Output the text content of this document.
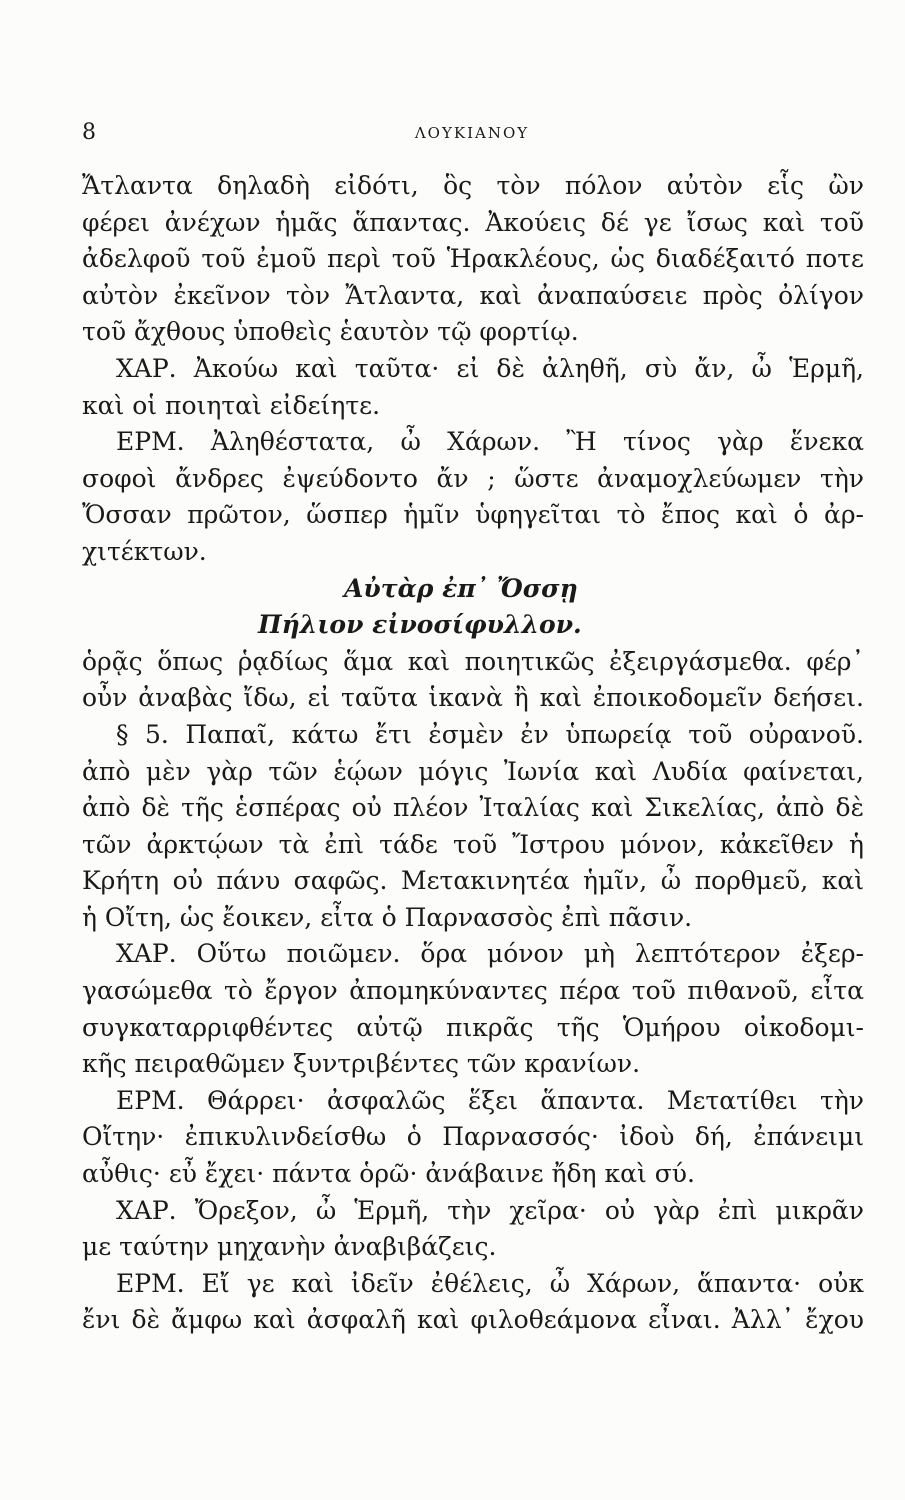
8	ΛΟΥΚΙΑΝΟΥ
Ἄτλαντα δηλαδὴ εἰδότι, ὃς τὸν πόλον αὐτὸν εἷς ὢν
φέρει ἀνέχων ἡμᾶς ἅπαντας. Ἀκούεις δέ γε ἴσως καὶ τοῦ
ἀδελφοῦ τοῦ ἐμοῦ περὶ τοῦ Ἡρακλέους, ὡς διαδέξαιτό ποτε
αὐτὸν ἐκεῖνον τὸν Ἄτλαντα, καὶ ἀναπαύσειε πρὸς ὀλίγον
τοῦ ἄχθους ὑποθεὶς ἑαυτὸν τῷ φορτίῳ.
ΧΑΡ. Ἀκούω καὶ ταῦτα· εἰ δὲ ἀληθῆ, σὺ ἄν, ὦ Ἑρμῆ,
καὶ οἱ ποιηταὶ εἰδείητε.
ΕΡΜ. Ἀληθέστατα, ὦ Χάρων. Ἢ τίνος γὰρ ἕνεκα
σοφοὶ ἄνδρες ἐψεύδοντο ἄν ; ὥστε ἀναμοχλεύωμεν τὴν
Ὄσσαν πρῶτον, ὥσπερ ἡμῖν ὑφηγεῖται τὸ ἔπος καὶ ὁ ἀρ-
χιτέκτων.
Αὐτὰρ ἐπ᾽ Ὄσσῃ
Πήλιον εἰνοσίφυλλον.
ὁρᾷς ὅπως ῥᾳδίως ἅμα καὶ ποιητικῶς ἐξειργάσμεθα. φέρ᾽
οὖν ἀναβὰς ἴδω, εἰ ταῦτα ἱκανὰ ἢ καὶ ἐποικοδομεῖν δεήσει.
§ 5. Παπαῖ, κάτω ἔτι ἐσμὲν ἐν ὑπωρείᾳ τοῦ οὐρανοῦ.
ἀπὸ μὲν γὰρ τῶν ἑῴων μόγις Ἰωνία καὶ Λυδία φαίνεται,
ἀπὸ δὲ τῆς ἑσπέρας οὐ πλέον Ἰταλίας καὶ Σικελίας, ἀπὸ δὲ
τῶν ἀρκτῴων τὰ ἐπὶ τάδε τοῦ Ἴστρου μόνον, κἀκεῖθεν ἡ
Κρήτη οὐ πάνυ σαφῶς. Μετακινητέα ἡμῖν, ὦ πορθμεῦ, καὶ
ἡ Οἴτη, ὡς ἔοικεν, εἶτα ὁ Παρνασσὸς ἐπὶ πᾶσιν.
ΧΑΡ. Οὕτω ποιῶμεν. ὅρα μόνον μὴ λεπτότερον ἐξερ-
γασώμεθα τὸ ἔργον ἀπομηκύναντες πέρα τοῦ πιθανοῦ, εἶτα
συγκαταρριφθέντες αὐτῷ πικρᾶς τῆς Ὁμήρου οἰκοδομι-
κῆς πειραθῶμεν ξυντριβέντες τῶν κρανίων.
ΕΡΜ. Θάρρει· ἀσφαλῶς ἕξει ἅπαντα. Μετατίθει τὴν
Οἴτην· ἐπικυλινδείσθω ὁ Παρνασσός· ἰδοὺ δή, ἐπάνειμι
αὖθις· εὖ ἔχει· πάντα ὁρῶ· ἀνάβαινε ἤδη καὶ σύ.
ΧΑΡ. Ὄρεξον, ὦ Ἑρμῆ, τὴν χεῖρα· οὐ γὰρ ἐπὶ μικρᾶν
με ταύτην μηχανὴν ἀναβιβάζεις.
ΕΡΜ. Εἴ γε καὶ ἰδεῖν ἐθέλεις, ὦ Χάρων, ἅπαντα· οὐκ
ἔνι δὲ ἄμφω καὶ ἀσφαλῆ καὶ φιλοθεάμονα εἶναι. Ἀλλ᾽ ἔχου
